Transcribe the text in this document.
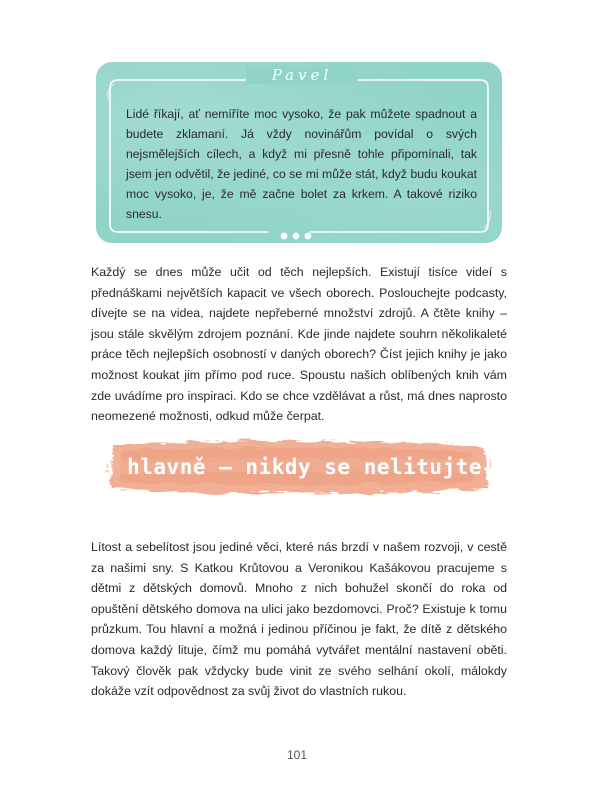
Pavel
Lidé říkají, ať nemíříte moc vysoko, že pak můžete spadnout a budete zklamaní. Já vždy novinářům povídal o svých nejsmělejších cílech, a když mi přesně tohle připomínali, tak jsem jen odvětil, že jediné, co se mi může stát, když budu koukat moc vysoko, je, že mě začne bolet za krkem. A takové riziko snesu.
Každý se dnes může učit od těch nejlepších. Existují tisíce videí s přednáškami největších kapacit ve všech oborech. Poslouchejte podcasty, dívejte se na videa, najdete nepřeberné množství zdrojů. A čtěte knihy – jsou stále skvělým zdrojem poznání. Kde jinde najdete souhrn několikaleté práce těch nejlepších osobností v daných oborech? Číst jejich knihy je jako možnost koukat jim přímo pod ruce. Spoustu našich oblíbených knih vám zde uvádíme pro inspiraci. Kdo se chce vzdělávat a růst, má dnes naprosto neomezené možnosti, odkud může čerpat.
A hlavně – nikdy se nelitujte!
Lítost a sebelítost jsou jediné věci, které nás brzdí v našem rozvoji, v cestě za našimi sny. S Katkou Krůtovou a Veronikou Kašákovou pracujeme s dětmi z dětských domovů. Mnoho z nich bohužel skončí do roka od opuštění dětského domova na ulici jako bezdomovci. Proč? Existuje k tomu průzkum. Tou hlavní a možná i jedinou příčinou je fakt, že dítě z dětského domova každý lituje, čímž mu pomáhá vytvářet mentální nastavení oběti. Takový člověk pak vždycky bude vinit ze svého selhání okolí, málokdy dokáže vzít odpovědnost za svůj život do vlastních rukou.
101
